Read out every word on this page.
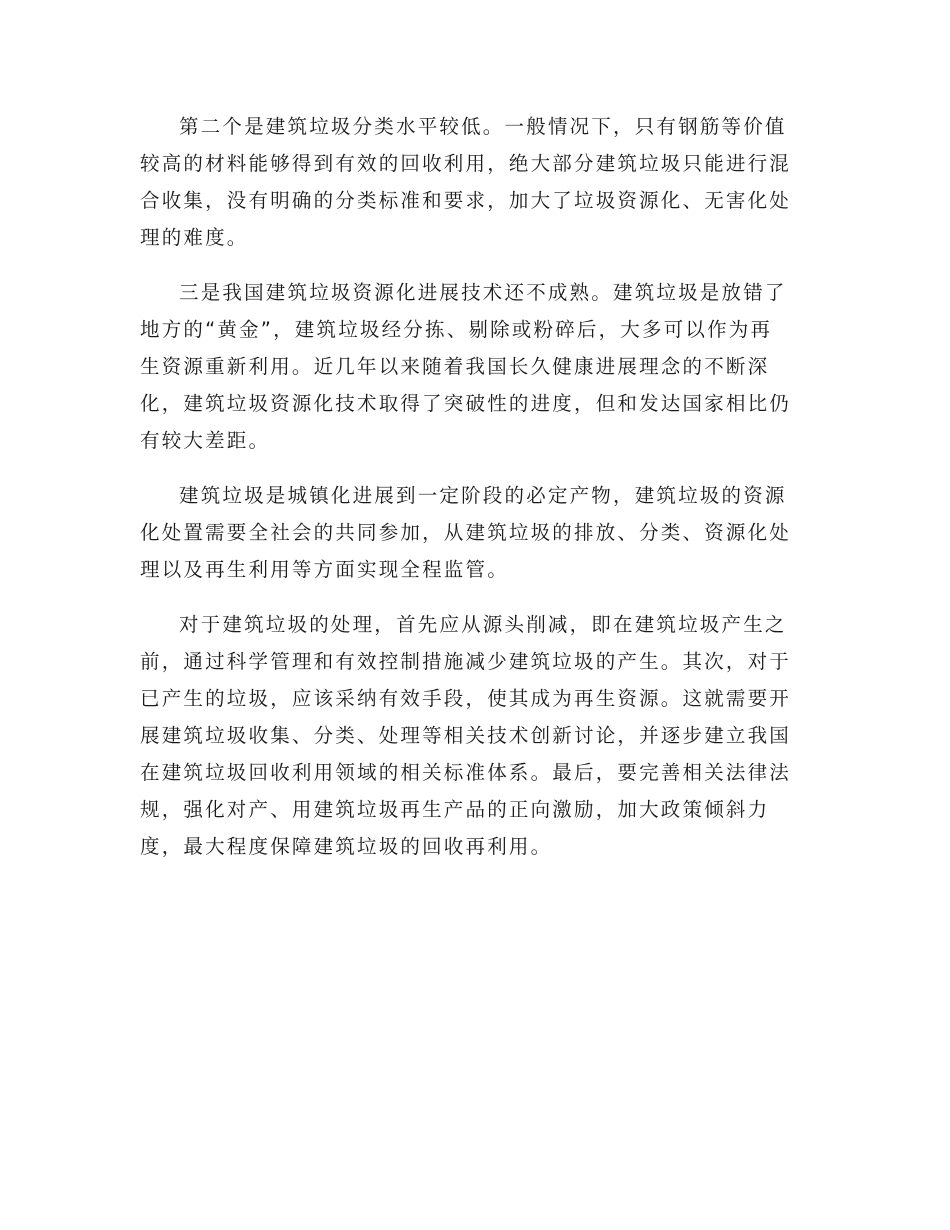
第二个是建筑垃圾分类水平较低。一般情况下，只有钢筋等价值
较高的材料能够得到有效的回收利用，绝大部分建筑垃圾只能进行混
合收集，没有明确的分类标准和要求，加大了垃圾资源化、无害化处
理的难度。

三是我国建筑垃圾资源化进展技术还不成熟。建筑垃圾是放错了
地方的“黄金”，建筑垃圾经分拣、剔除或粉碎后，大多可以作为再
生资源重新利用。近几年以来随着我国长久健康进展理念的不断深
化，建筑垃圾资源化技术取得了突破性的进度，但和发达国家相比仍
有较大差距。

建筑垃圾是城镇化进展到一定阶段的必定产物，建筑垃圾的资源
化处置需要全社会的共同参加，从建筑垃圾的排放、分类、资源化处
理以及再生利用等方面实现全程监管。

对于建筑垃圾的处理，首先应从源头削减，即在建筑垃圾产生之
前，通过科学管理和有效控制措施减少建筑垃圾的产生。其次，对于
已产生的垃圾，应该采纳有效手段，使其成为再生资源。这就需要开
展建筑垃圾收集、分类、处理等相关技术创新讨论，并逐步建立我国
在建筑垃圾回收利用领域的相关标准体系。最后，要完善相关法律法
规，强化对产、用建筑垃圾再生产品的正向激励，加大政策倾斜力
度，最大程度保障建筑垃圾的回收再利用。
